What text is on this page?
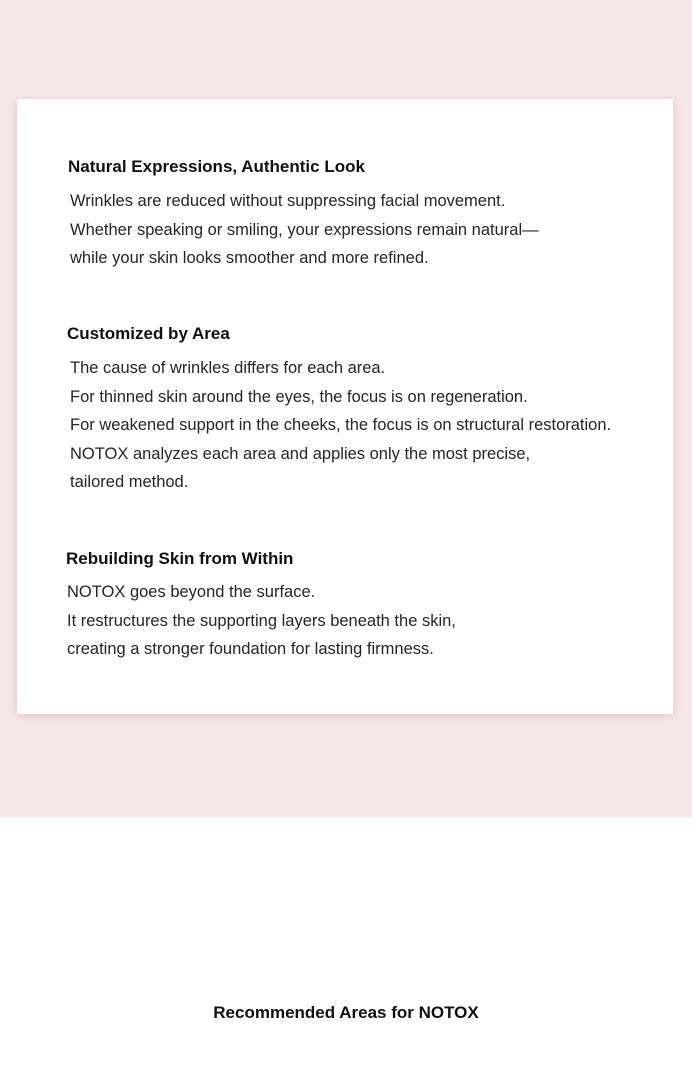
Natural Expressions, Authentic Look
Wrinkles are reduced without suppressing facial movement.
Whether speaking or smiling, your expressions remain natural—
while your skin looks smoother and more refined.
Customized by Area
The cause of wrinkles differs for each area.
For thinned skin around the eyes, the focus is on regeneration.
For weakened support in the cheeks, the focus is on structural restoration.
NOTOX analyzes each area and applies only the most precise,
tailored method.
Rebuilding Skin from Within
NOTOX goes beyond the surface.
It restructures the supporting layers beneath the skin,
creating a stronger foundation for lasting firmness.
Recommended Areas for NOTOX
